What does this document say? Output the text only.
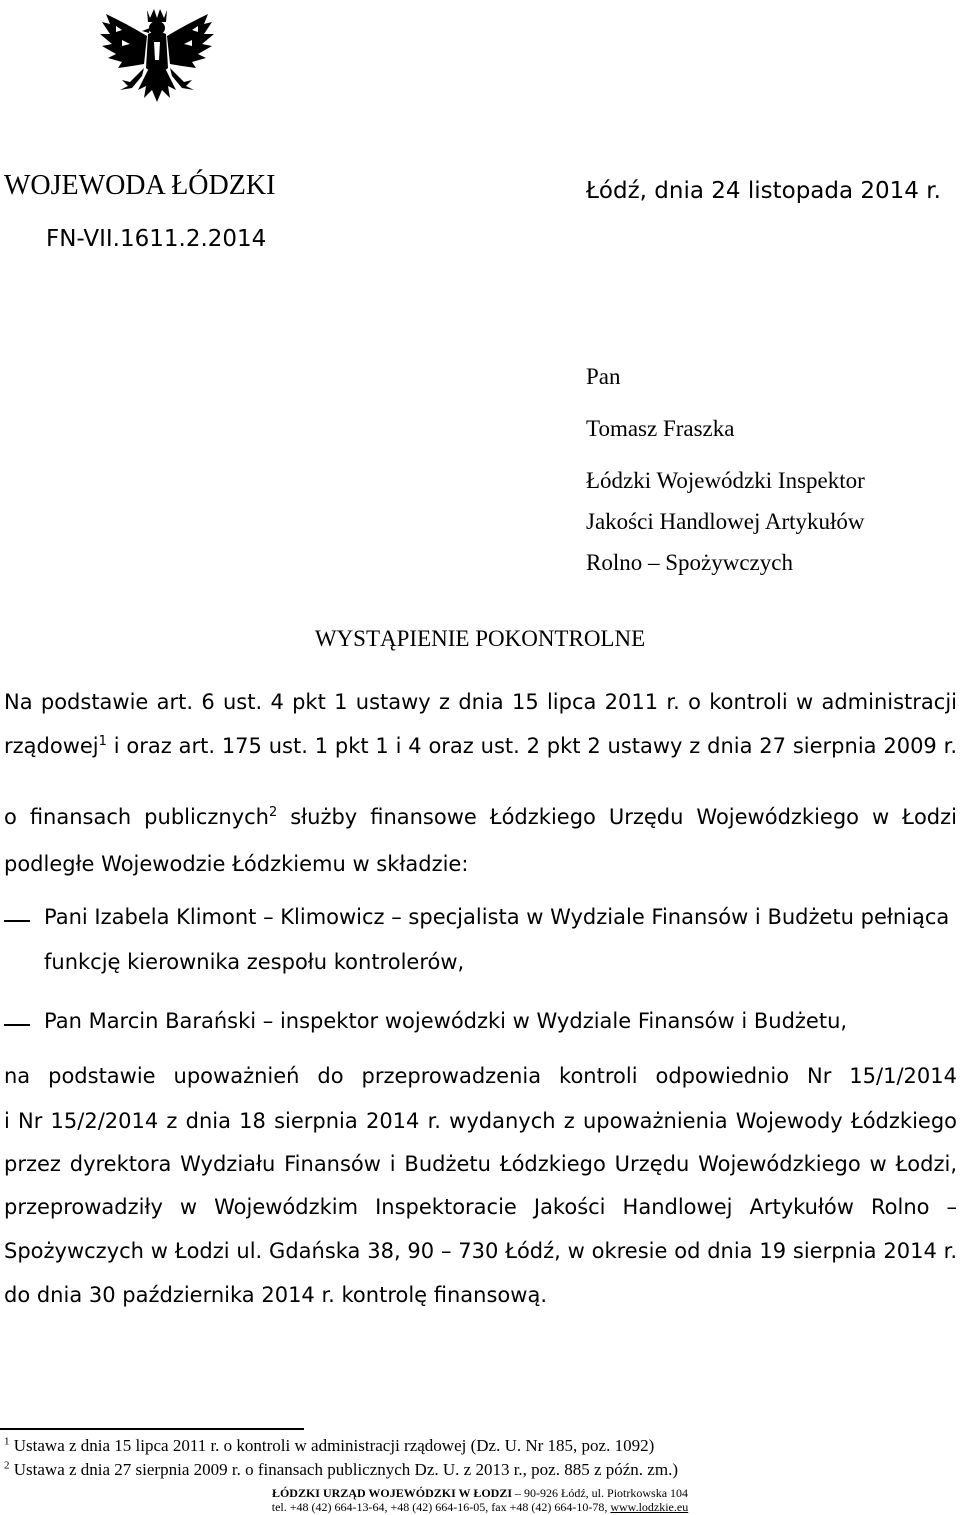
WOJEWODA ŁÓDZKI	Łódź, dnia 24 listopada 2014 r.
FN-VII.1611.2.2014
Pan
Tomasz Fraszka
Łódzki Wojewódzki Inspektor
Jakości Handlowej Artykułów
Rolno – Spożywczych
WYSTĄPIENIE POKONTROLNE
Na podstawie art. 6 ust. 4 pkt 1 ustawy z dnia 15 lipca 2011 r. o kontroli w administracji
rządowej$^1$ i oraz art. 175 ust. 1 pkt 1 i 4 oraz ust. 2 pkt 2 ustawy z dnia 27 sierpnia 2009 r.
o finansach publicznych$^2$ służby finansowe Łódzkiego Urzędu Wojewódzkiego w Łodzi
podległe Wojewodzie Łódzkiemu w składzie:
Pani Izabela Klimont – Klimowicz – specjalista w Wydziale Finansów i Budżetu pełniąca
funkcję kierownika zespołu kontrolerów,
Pan Marcin Barański – inspektor wojewódzki w Wydziale Finansów i Budżetu,
na podstawie upoważnień do przeprowadzenia kontroli odpowiednio Nr 15/1/2014
i Nr 15/2/2014 z dnia 18 sierpnia 2014 r. wydanych z upoważnienia Wojewody Łódzkiego
przez dyrektora Wydziału Finansów i Budżetu Łódzkiego Urzędu Wojewódzkiego w Łodzi,
przeprowadziły w Wojewódzkim Inspektoracie Jakości Handlowej Artykułów Rolno –
Spożywczych w Łodzi ul. Gdańska 38, 90 – 730 Łódź, w okresie od dnia 19 sierpnia 2014 r.
do dnia 30 października 2014 r. kontrolę finansową.
$^1$ Ustawa z dnia 15 lipca 2011 r. o kontroli w administracji rządowej (Dz. U. Nr 185, poz. 1092)
$^2$ Ustawa z dnia 27 sierpnia 2009 r. o finansach publicznych Dz. U. z 2013 r., poz. 885 z późn. zm.)
ŁÓDZKI URZĄD WOJEWÓDZKI W ŁODZI – 90-926 Łódź, ul. Piotrkowska 104
tel. +48 (42) 664-13-64, +48 (42) 664-16-05, fax +48 (42) 664-10-78, www.lodzkie.eu
